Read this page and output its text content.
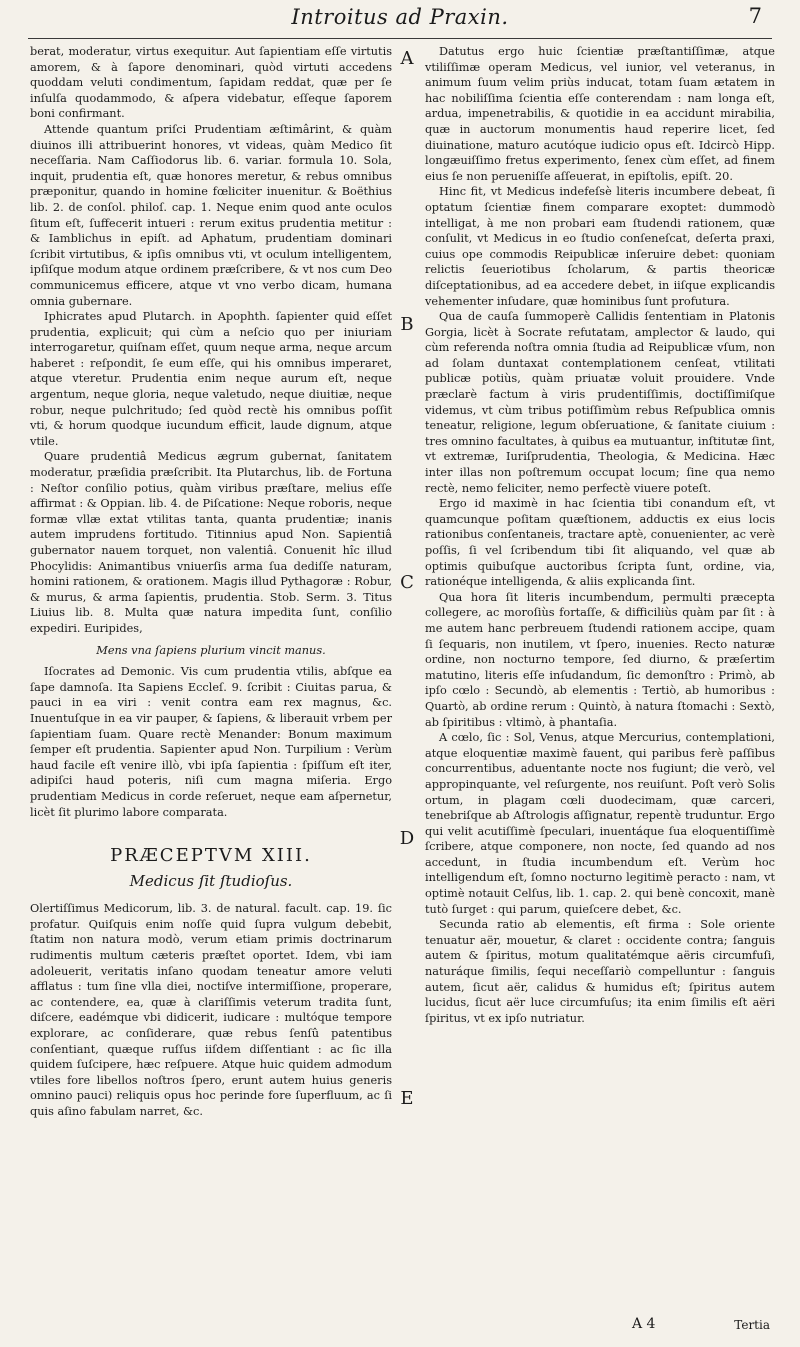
Introitus ad Praxin.	7

berat, moderatur, virtus exequitur. Aut ſapientiam eſſe virtutis amorem, & à ſapore denominari, quòd virtuti accedens quoddam veluti condimentum, ſapidam reddat, quæ per ſe inſulſa quodammodo, & aſpera videbatur, eſſeque ſaporem boni confirmant.

Attende quantum priſci Prudentiam æſtimârint, & quàm diuinos illi attribuerint honores, vt videas, quàm Medico ſit neceſſaria. Nam Caſſiodorus lib. 6. variar. formula 10. Sola, inquit, prudentia eſt, quæ honores meretur, & rebus omnibus præponitur, quando in homine fœliciter inuenitur. & Boëthius lib. 2. de conſol. philoſ. cap. 1. Neque enim quod ante oculos ſitum eſt, ſuffecerit intueri : rerum exitus prudentia metitur : & Iamblichus in epiſt. ad Aphatum, prudentiam dominari ſcribit virtutibus, & ipſis omnibus vti, vt oculum intelligentem, ipſiſque modum atque ordinem præſcribere, & vt nos cum Deo communicemus efficere, atque vt vno verbo dicam, humana omnia gubernare.

Iphicrates apud Plutarch. in Apophth. ſapienter quid eſſet prudentia, explicuit; qui cùm a neſcio quo per iniuriam interrogaretur, quiſnam eſſet, quum neque arma, neque arcum haberet : reſpondit, ſe eum eſſe, qui his omnibus imperaret, atque vteretur. Prudentia enim neque aurum eſt, neque argentum, neque gloria, neque valetudo, neque diuitiæ, neque robur, neque pulchritudo; ſed quòd rectè his omnibus poſſit vti, & horum quodque iucundum efficit, laude dignum, atque vtile.

Quare prudentiâ Medicus ægrum gubernat, ſanitatem moderatur, præſidia præſcribit. Ita Plutarchus, lib. de Fortuna : Neſtor conſilio potius, quàm viribus præſtare, melius eſſe affirmat : & Oppian. lib. 4. de Piſcatione: Neque roboris, neque formæ vllæ extat vtilitas tanta, quanta prudentiæ; inanis autem imprudens fortitudo. Titinnius apud Non. Sapientiâ gubernator nauem torquet, non valentiâ. Conuenit hîc illud Phocylidis: Animantibus vniuerſis arma ſua dediſſe naturam, homini rationem, & orationem. Magis illud Pythagoræ : Robur, & murus, & arma ſapientis, prudentia. Stob. Serm. 3. Titus Liuius lib. 8. Multa quæ natura impedita ſunt, conſilio expediri. Euripides,

Mens vna ſapiens plurium vincit manus.

Iſocrates ad Demonic. Vis cum prudentia vtilis, abſque ea ſape damnoſa. Ita Sapiens Eccleſ. 9. ſcribit : Ciuitas parua, & pauci in ea viri : venit contra eam rex magnus, &c. Inuentuſque in ea vir pauper, & ſapiens, & liberauit vrbem per ſapientiam ſuam. Quare rectè Menander: Bonum maximum ſemper eſt prudentia. Sapienter apud Non. Turpilium : Verùm haud facile eſt venire illò, vbi ipſa ſapientia : ſpiſſum eſt iter, adipiſci haud poteris, niſi cum magna miſeria. Ergo prudentiam Medicus in corde reſeruet, neque eam aſpernetur, licèt ſit plurimo labore comparata.

PRÆCEPTVM XIII.

Medicus ſit ſtudioſus.

Olertiſſimus Medicorum, lib. 3. de natural. facult. cap. 19. ſic profatur. Quiſquis enim noſſe quid ſupra vulgum debebit, ſtatim non natura modò, verum etiam primis doctrinarum rudimentis multum cæteris præſtet oportet. Idem, vbi iam adoleuerit, veritatis inſano quodam teneatur amore veluti afflatus : tum ſine vlla diei, noctiſve intermiſſione, properare, ac contendere, ea, quæ à clariſſimis veterum tradita ſunt, diſcere, eadémque vbi didicerit, iudicare : multóque tempore explorare, ac conſiderare, quæ rebus ſenſû patentibus conſentiant, quæque ruſſus iiſdem diſſentiant : ac ſic illa quidem ſuſcipere, hæc reſpuere. Atque huic quidem admodum vtiles fore libellos noſtros ſpero, erunt autem huius generis omnino pauci) reliquis opus hoc perinde fore ſuperfluum, ac ſi quis aſino fabulam narret, &c.

A
B
C
D
E

Datutus ergo huic ſcientiæ præſtantiſſimæ, atque vtiliſſimæ operam Medicus, vel iunior, vel veteranus, in animum ſuum velim priùs inducat, totam ſuam ætatem in hac nobiliſſima ſcientia eſſe conterendam : nam longa eſt, ardua, impenetrabilis, & quotidie in ea accidunt mirabilia, quæ in auctorum monumentis haud reperire licet, ſed diuinatione, maturo acutóque iudicio opus eſt. Idcircò Hipp. longæuiſſimo fretus experimento, ſenex cùm eſſet, ad finem eius ſe non perueniſſe aſſeuerat, in epiſtolis, epiſt. 20.

Hinc fit, vt Medicus indefeſsè literis incumbere debeat, ſi optatum ſcientiæ finem comparare exoptet: dummodò intelligat, à me non probari eam ſtudendi rationem, quæ conſulit, vt Medicus in eo ſtudio conſeneſcat, deſerta praxi, cuius ope commodis Reipublicæ inſeruire debet: quoniam relictis ſeueriotibus ſcholarum, & partis theoricæ diſceptationibus, ad ea accedere debet, in iiſque explicandis vehementer inſudare, quæ hominibus ſunt profutura.

Qua de cauſa ſummoperè Callidis ſententiam in Platonis Gorgia, licèt à Socrate refutatam, amplector & laudo, qui cùm referenda noſtra omnia ſtudia ad Reipublicæ vſum, non ad ſolam duntaxat contemplationem cenſeat, vtilitati publicæ potiùs, quàm priuatæ voluit prouidere. Vnde præclarè factum à viris prudentiſſimis, doctiſſimiſque videmus, vt cùm tribus potiſſimùm rebus Reſpublica omnis teneatur, religione, legum obſeruatione, & ſanitate ciuium : tres omnino facultates, à quibus ea mutuantur, inſtitutæ ſint, vt extremæ, Iuriſprudentia, Theologia, & Medicina. Hæc inter illas non poſtremum occupat locum; ſine qua nemo rectè, nemo feliciter, nemo perfectè viuere poteſt.

Ergo id maximè in hac ſcientia tibi conandum eſt, vt quamcunque poſitam quæſtionem, adductis ex eius locis rationibus conſentaneis, tractare aptè, conuenienter, ac verè poſſis, ſi vel ſcribendum tibi ſit aliquando, vel quæ ab optimis quibuſque auctoribus ſcripta ſunt, ordine, via, rationéque intelligenda, & aliis explicanda ſint.

Qua hora ſit literis incumbendum, permulti præcepta collegere, ac moroſiùs fortaſſe, & difficiliùs quàm par ſit : à me autem hanc perbreuem ſtudendi rationem accipe, quam ſi ſequaris, non inutilem, vt ſpero, inuenies. Recto naturæ ordine, non nocturno tempore, ſed diurno, & præſertim matutino, literis eſſe inſudandum, ſic demonſtro : Primò, ab ipſo cœlo : Secundò, ab elementis : Tertiò, ab humoribus : Quartò, ab ordine rerum : Quintò, à natura ſtomachi : Sextò, ab ſpiritibus : vltimò, à phantaſia.

A cœlo, ſic : Sol, Venus, atque Mercurius, contemplationi, atque eloquentiæ maximè fauent, qui paribus ferè paſſibus concurrentibus, aduentante nocte nos fugiunt; die verò, vel appropinquante, vel reſurgente, nos reuiſunt. Poſt verò Solis ortum, in plagam cœli duodecimam, quæ carceri, tenebriſque ab Aſtrologis aſſignatur, repentè truduntur. Ergo qui velit acutiſſimè ſpeculari, inuentáque ſua eloquentiſſimè ſcribere, atque componere, non nocte, ſed quando ad nos accedunt, in ſtudia incumbendum eſt. Verùm hoc intelligendum eſt, ſomno nocturno legitimè peracto : nam, vt optimè notauit Celſus, lib. 1. cap. 2. qui benè concoxit, manè tutò ſurget : qui parum, quieſcere debet, &c.

Secunda ratio ab elementis, eſt firma : Sole oriente tenuatur aër, mouetur, & claret : occidente contra; ſanguis autem & ſpiritus, motum qualitatémque aëris circumfuſi, naturáque ſimilis, ſequi neceſſariò compelluntur : ſanguis autem, ſicut aër, calidus & humidus eſt; ſpiritus autem lucidus, ſicut aër luce circumfuſus; ita enim ſimilis eſt aëri ſpiritus, vt ex ipſo nutriatur.

A 4	Tertia
